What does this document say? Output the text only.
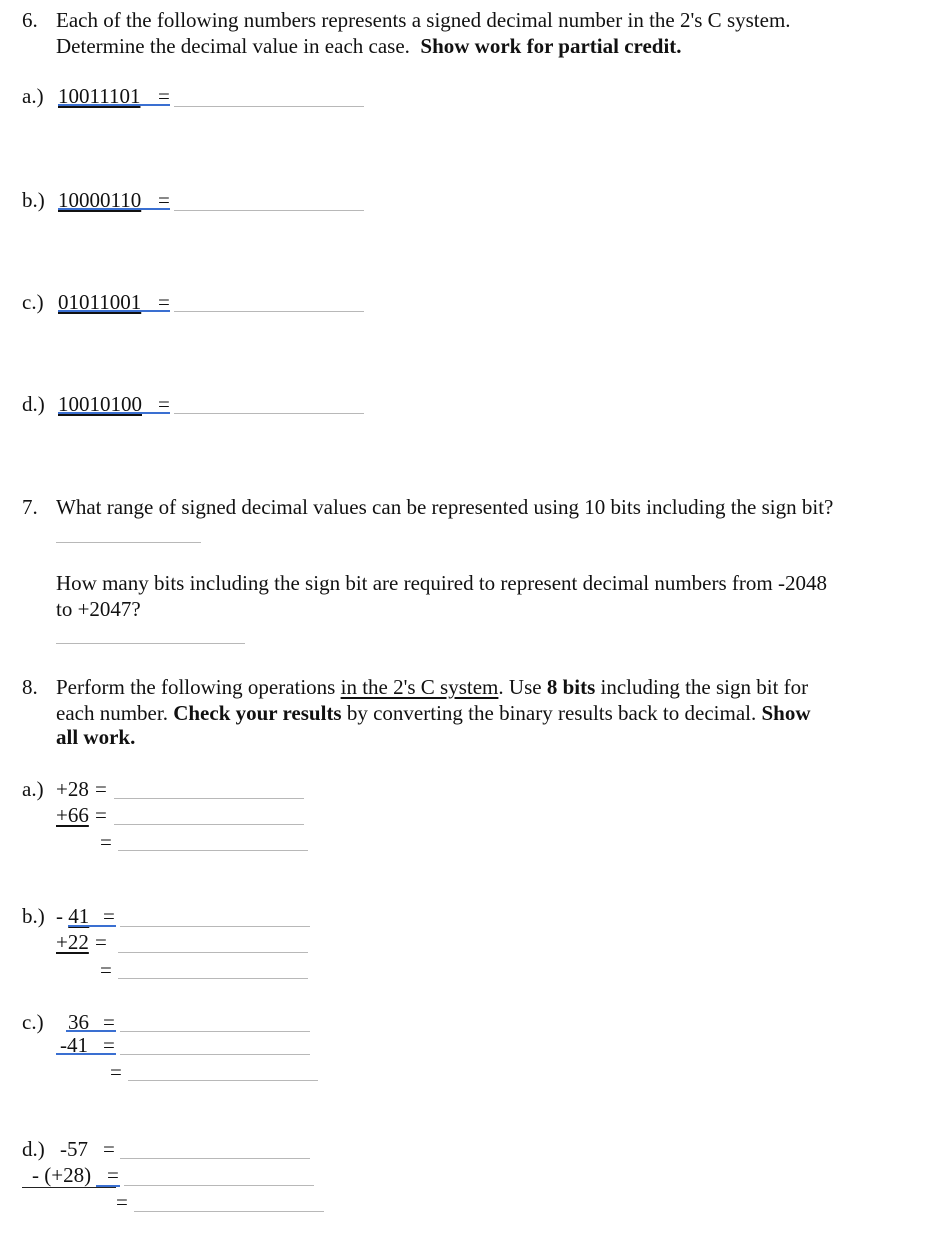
6. Each of the following numbers represents a signed decimal number in the 2's C system.
Determine the decimal value in each case. Show work for partial credit.
a.) 10011101 =
b.) 10000110 =
c.) 01011001 =
d.) 10010100 =
7. What range of signed decimal values can be represented using 10 bits including the sign bit?
How many bits including the sign bit are required to represent decimal numbers from -2048
to +2047?
8. Perform the following operations in the 2's C system. Use 8 bits including the sign bit for
each number. Check your results by converting the binary results back to decimal. Show
all work.
a.) +28 =
+66 =
=
b.) - 41 =
+22 =
=
c.) 36 =
-41 =
=
d.) -57 =
- (+28) =
=
